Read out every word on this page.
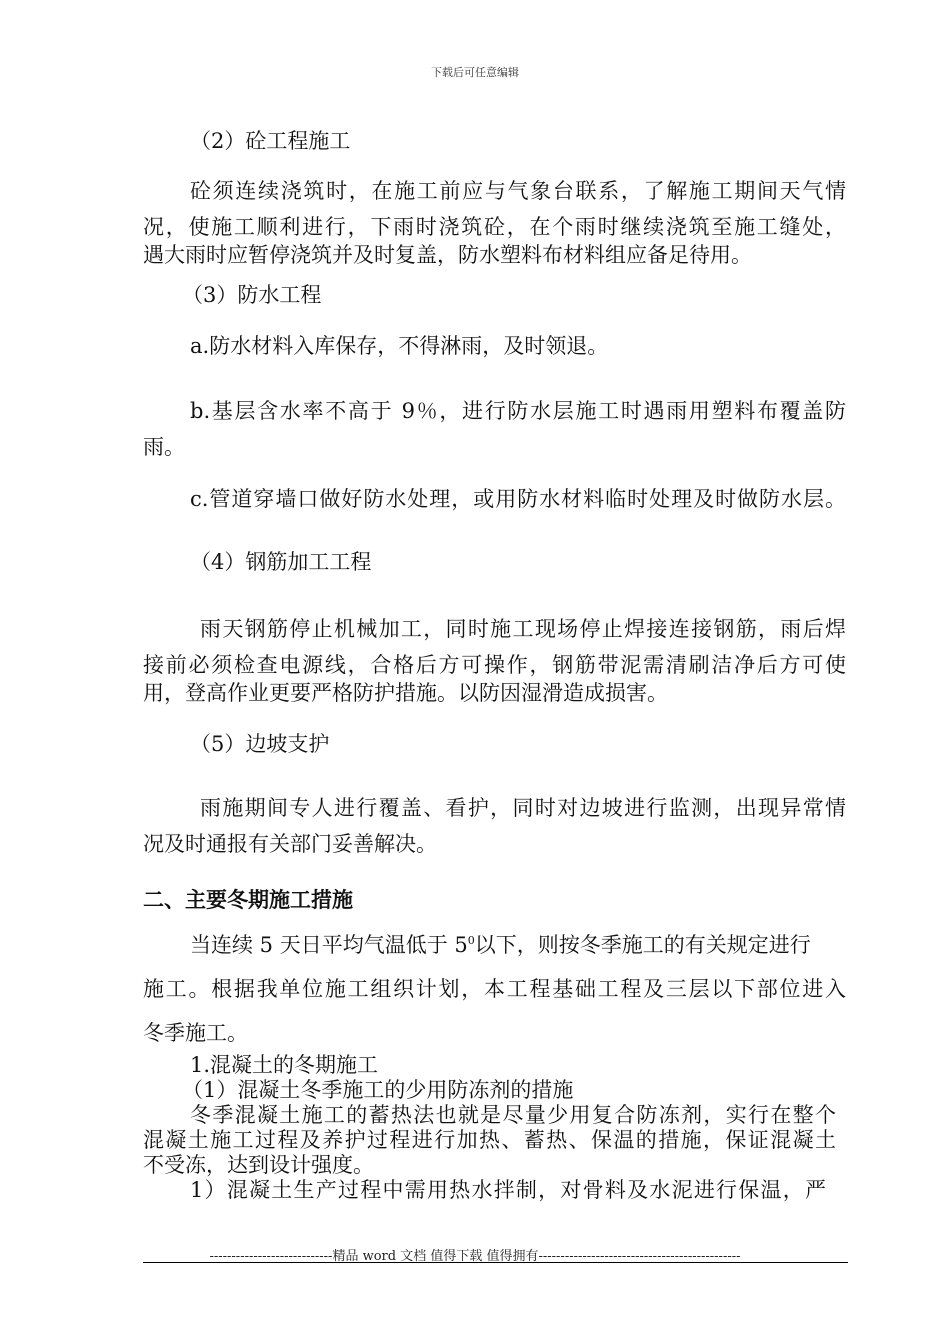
下载后可任意编辑
（2）砼工程施工
砼须连续浇筑时，在施工前应与气象台联系，了解施工期间天气情
况，使施工顺利进行，下雨时浇筑砼，在个雨时继续浇筑至施工缝处，
遇大雨时应暂停浇筑并及时复盖，防水塑料布材料组应备足待用。
（3）防水工程
a.防水材料入库保存，不得淋雨，及时领退。
b.基层含水率不高于 9％，进行防水层施工时遇雨用塑料布覆盖防
雨。
c.管道穿墙口做好防水处理，或用防水材料临时处理及时做防水层。
（4）钢筋加工工程
雨天钢筋停止机械加工，同时施工现场停止焊接连接钢筋，雨后焊
接前必须检查电源线，合格后方可操作，钢筋带泥需清刷洁净后方可使
用，登高作业更要严格防护措施。以防因湿滑造成损害。
（5）边坡支护
雨施期间专人进行覆盖、看护，同时对边坡进行监测，出现异常情
况及时通报有关部门妥善解决。
二、主要冬期施工措施
当连续 5 天日平均气温低于 $5^0$以下，则按冬季施工的有关规定进行
施工。根据我单位施工组织计划，本工程基础工程及三层以下部位进入
冬季施工。
1.混凝土的冬期施工
（1）混凝土冬季施工的少用防冻剂的措施
冬季混凝土施工的蓄热法也就是尽量少用复合防冻剂，实行在整个
混凝土施工过程及养护过程进行加热、蓄热、保温的措施，保证混凝土
不受冻，达到设计强度。
1）混凝土生产过程中需用热水拌制，对骨料及水泥进行保温，严
----------------------------精品 word 文档 值得下载 值得拥有----------------------------------------------
